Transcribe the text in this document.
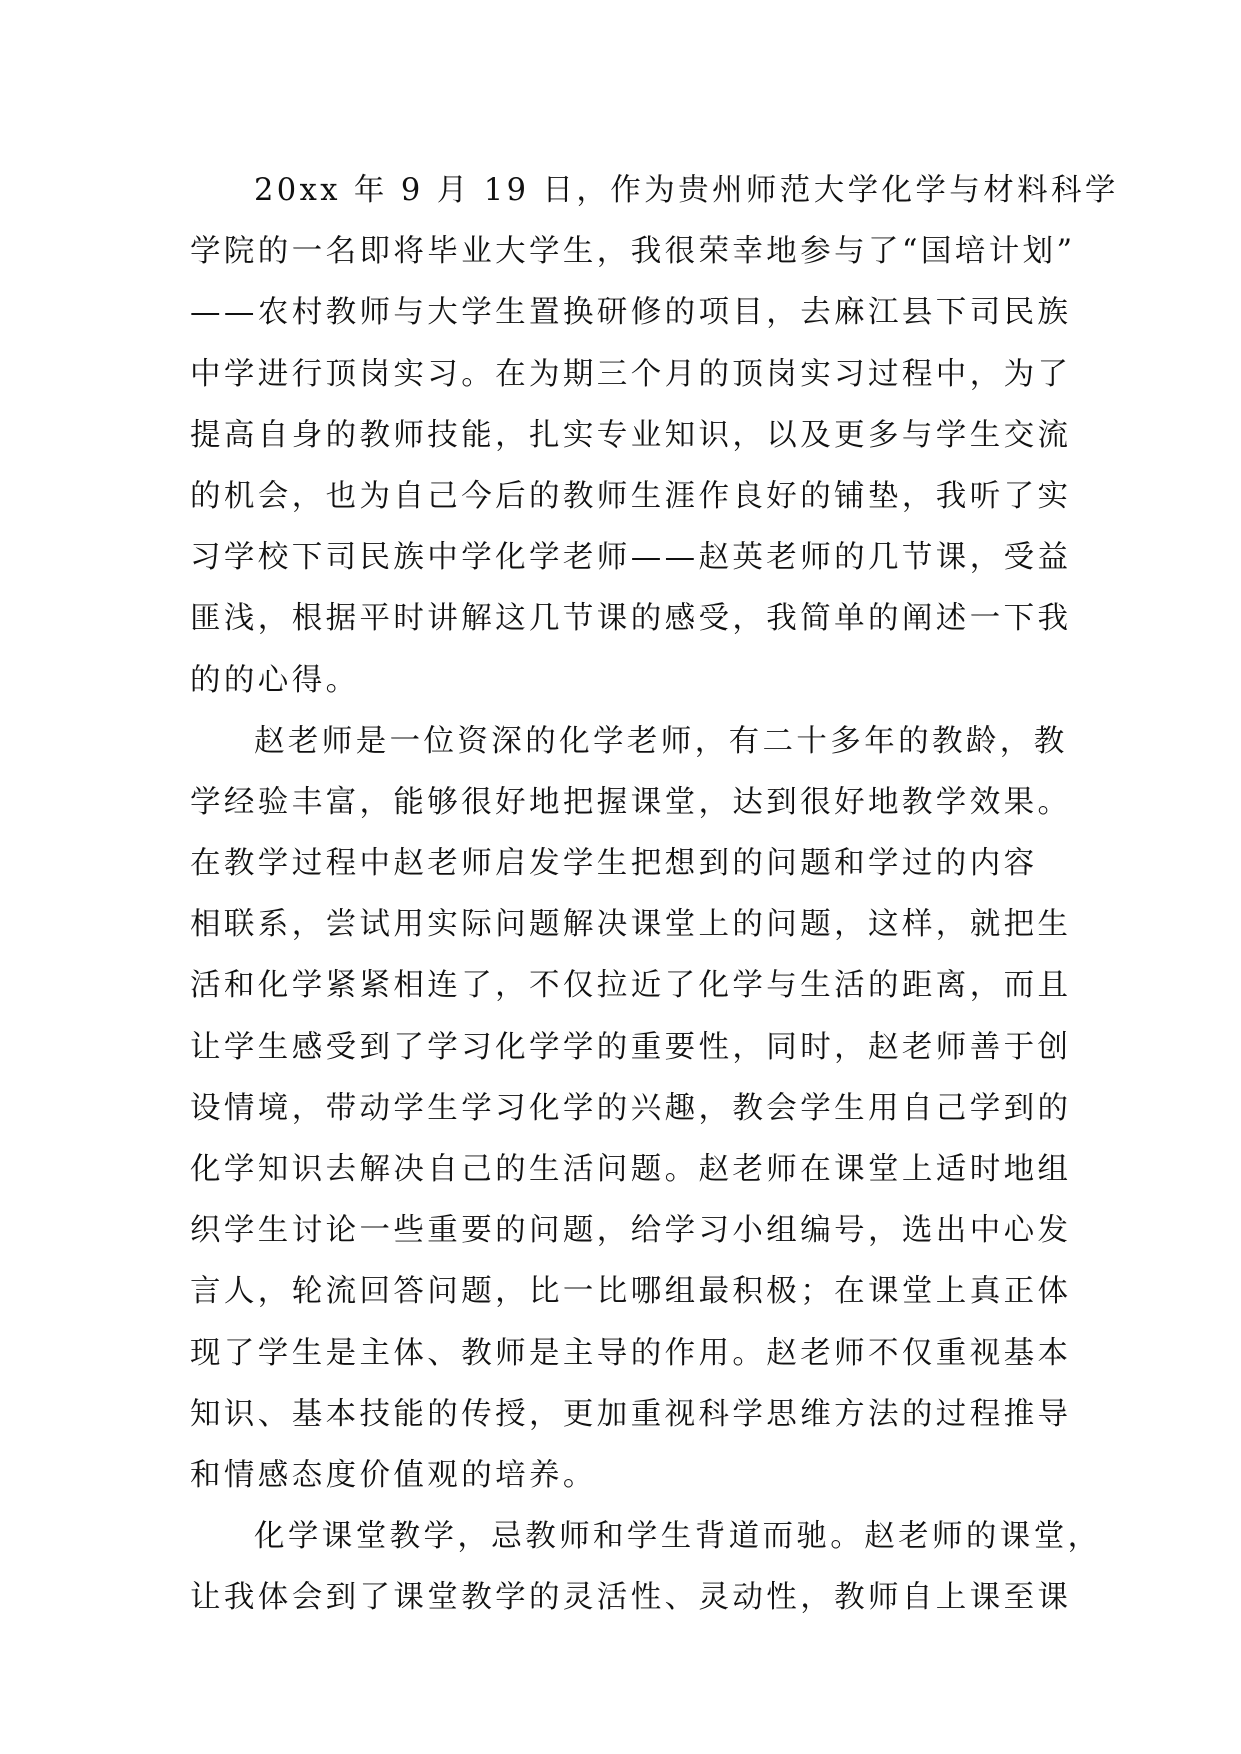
20xx 年 9 月 19 日，作为贵州师范大学化学与材料科学
学院的一名即将毕业大学生，我很荣幸地参与了“国培计划”
——农村教师与大学生置换研修的项目，去麻江县下司民族
中学进行顶岗实习。在为期三个月的顶岗实习过程中，为了
提高自身的教师技能，扎实专业知识，以及更多与学生交流
的机会，也为自己今后的教师生涯作良好的铺垫，我听了实
习学校下司民族中学化学老师——赵英老师的几节课，受益
匪浅，根据平时讲解这几节课的感受，我简单的阐述一下我
的的心得。

赵老师是一位资深的化学老师，有二十多年的教龄，教
学经验丰富，能够很好地把握课堂，达到很好地教学效果。
在教学过程中赵老师启发学生把想到的问题和学过的内容
相联系，尝试用实际问题解决课堂上的问题，这样，就把生
活和化学紧紧相连了，不仅拉近了化学与生活的距离，而且
让学生感受到了学习化学学的重要性，同时，赵老师善于创
设情境，带动学生学习化学的兴趣，教会学生用自己学到的
化学知识去解决自己的生活问题。赵老师在课堂上适时地组
织学生讨论一些重要的问题，给学习小组编号，选出中心发
言人，轮流回答问题，比一比哪组最积极；在课堂上真正体
现了学生是主体、教师是主导的作用。赵老师不仅重视基本
知识、基本技能的传授，更加重视科学思维方法的过程推导
和情感态度价值观的培养。

化学课堂教学，忌教师和学生背道而驰。赵老师的课堂，
让我体会到了课堂教学的灵活性、灵动性，教师自上课至课
